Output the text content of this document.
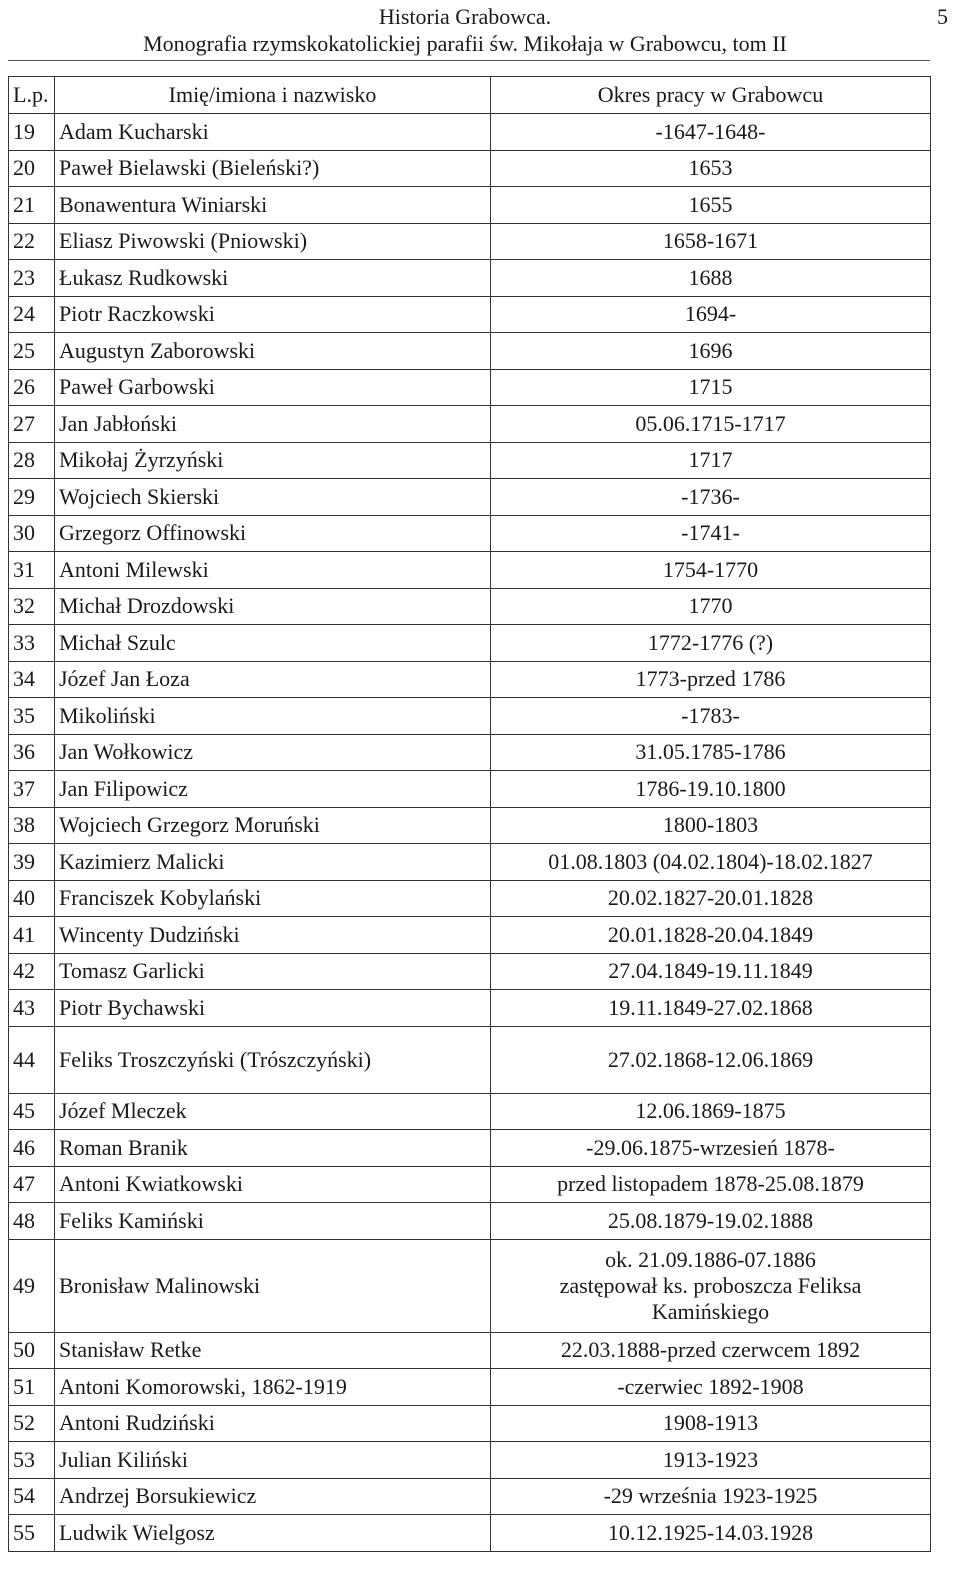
Historia Grabowca.
Monografia rzymskokatolickiej parafii św. Mikołaja w Grabowcu, tom II
5
L.p.	Imię/imiona i nazwisko	Okres pracy w Grabowcu
19	Adam Kucharski	-1647-1648-
20	Paweł Bielawski (Bieleński?)	1653
21	Bonawentura Winiarski	1655
22	Eliasz Piwowski (Pniowski)	1658-1671
23	Łukasz Rudkowski	1688
24	Piotr Raczkowski	1694-
25	Augustyn Zaborowski	1696
26	Paweł Garbowski	1715
27	Jan Jabłoński	05.06.1715-1717
28	Mikołaj Żyrzyński	1717
29	Wojciech Skierski	-1736-
30	Grzegorz Offinowski	-1741-
31	Antoni Milewski	1754-1770
32	Michał Drozdowski	1770
33	Michał Szulc	1772-1776 (?)
34	Józef Jan Łoza	1773-przed 1786
35	Mikoliński	-1783-
36	Jan Wołkowicz	31.05.1785-1786
37	Jan Filipowicz	1786-19.10.1800
38	Wojciech Grzegorz Moruński	1800-1803
39	Kazimierz Malicki	01.08.1803 (04.02.1804)-18.02.1827
40	Franciszek Kobylański	20.02.1827-20.01.1828
41	Wincenty Dudziński	20.01.1828-20.04.1849
42	Tomasz Garlicki	27.04.1849-19.11.1849
43	Piotr Bychawski	19.11.1849-27.02.1868
44	Feliks Troszczyński (Trószczyński)	27.02.1868-12.06.1869
45	Józef Mleczek	12.06.1869-1875
46	Roman Branik	-29.06.1875-wrzesień 1878-
47	Antoni Kwiatkowski	przed listopadem 1878-25.08.1879
48	Feliks Kamiński	25.08.1879-19.02.1888
49	Bronisław Malinowski	ok. 21.09.1886-07.1886
zastępował ks. proboszcza Feliksa
Kamińskiego

50	Stanisław Retke	22.03.1888-przed czerwcem 1892
51	Antoni Komorowski, 1862-1919	-czerwiec 1892-1908
52	Antoni Rudziński	1908-1913
53	Julian Kiliński	1913-1923
54	Andrzej Borsukiewicz	-29 września 1923-1925
55	Ludwik Wielgosz	10.12.1925-14.03.1928
